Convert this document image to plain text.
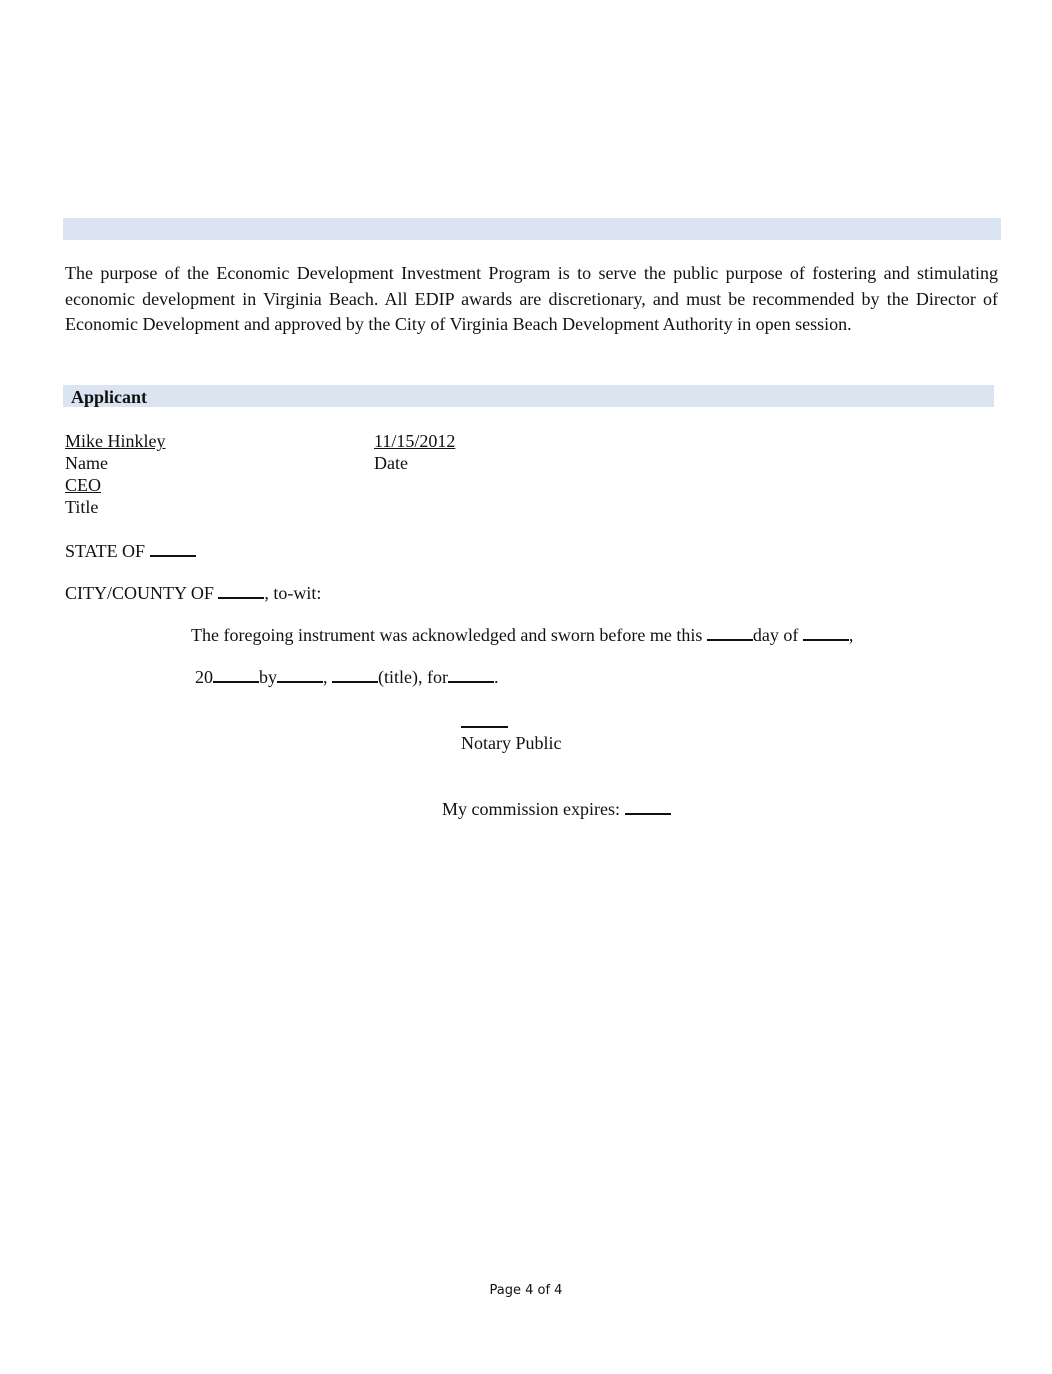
The purpose of the Economic Development Investment Program is to serve the public purpose of fostering and stimulating economic development in Virginia Beach. All EDIP awards are discretionary, and must be recommended by the Director of Economic Development and approved by the City of Virginia Beach Development Authority in open session.

Applicant
Mike Hinkley
Name
11/15/2012
Date
CEO
Title
STATE OF
CITY/COUNTY OF	, to-wit:
The foregoing instrument was acknowledged and sworn before me this	day of	,
20	by	,	(title), for	.
Notary Public
My commission expires:
Page 4 of 4
